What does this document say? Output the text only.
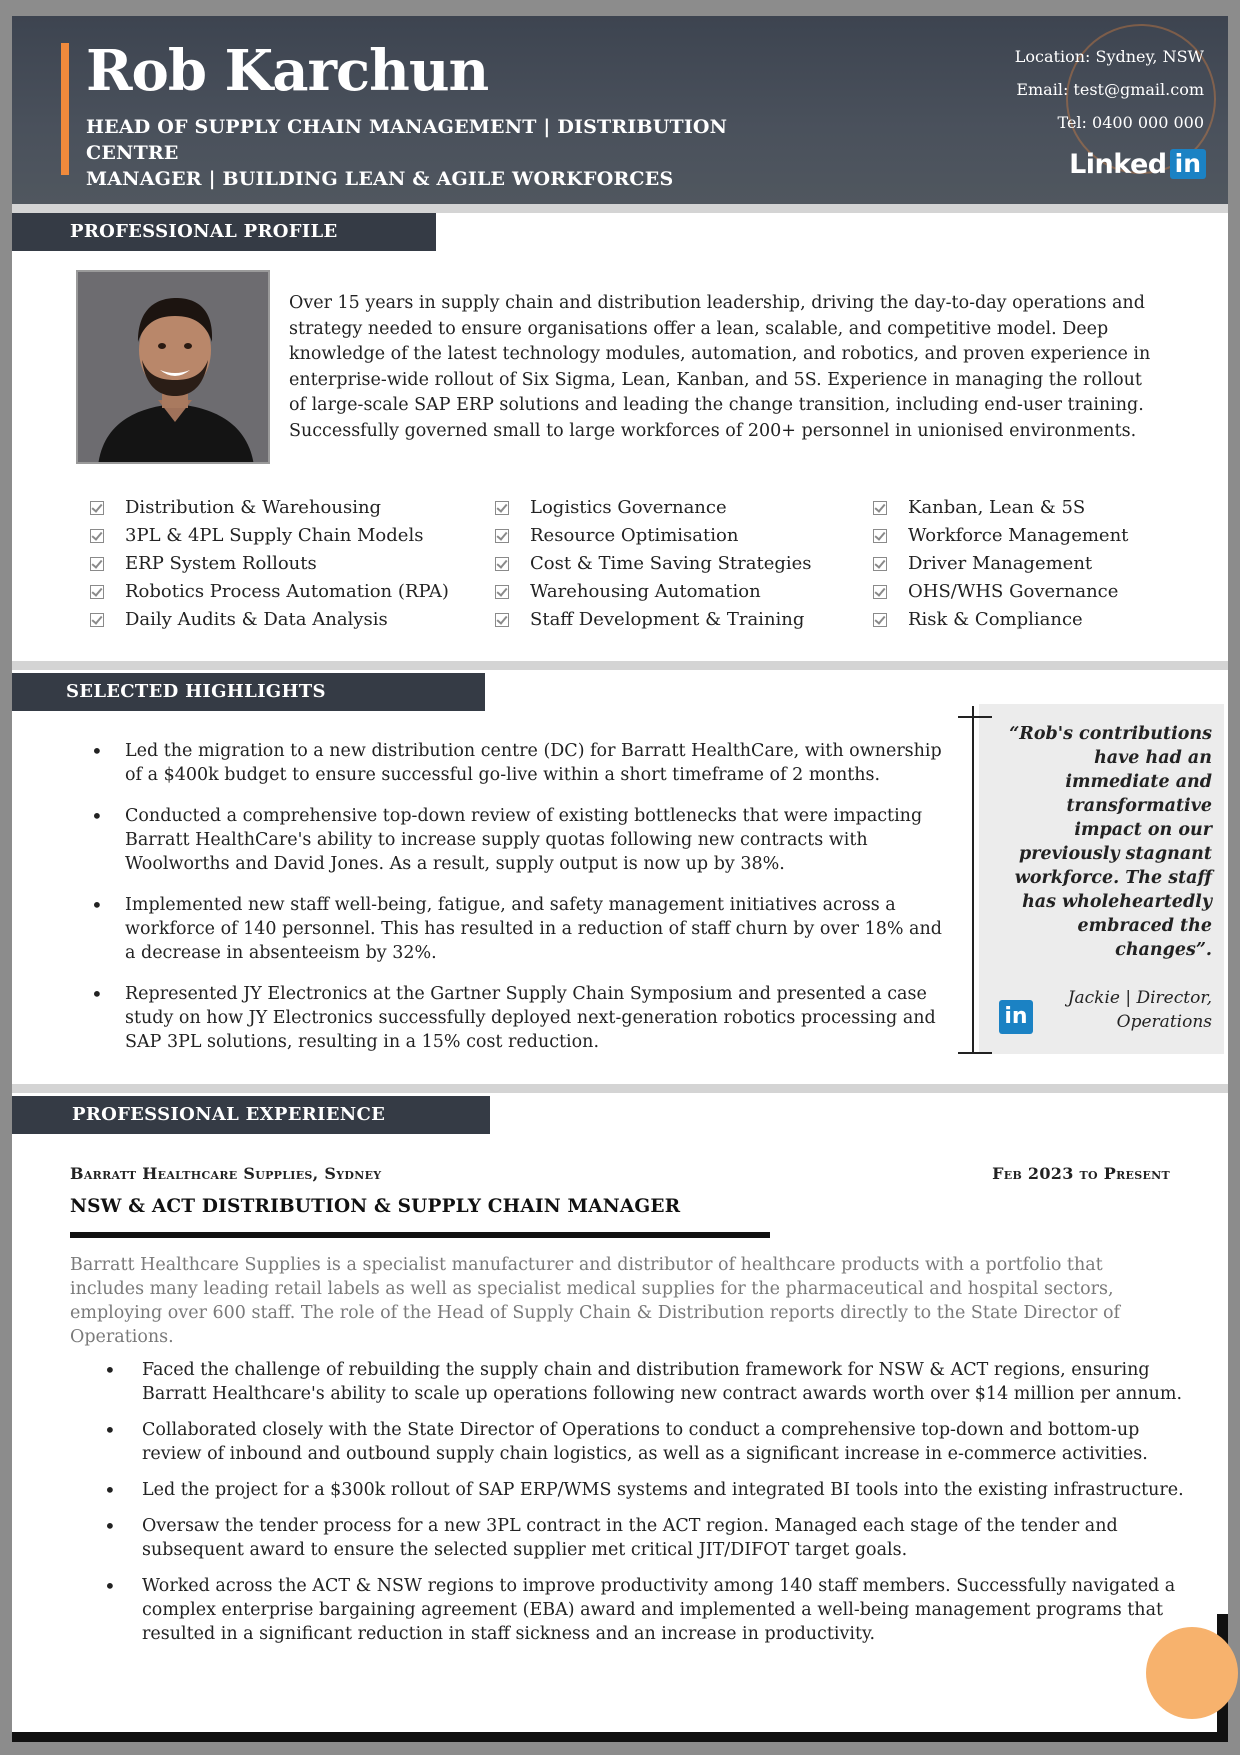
Rob Karchun
HEAD OF SUPPLY CHAIN MANAGEMENT | DISTRIBUTION CENTRE
MANAGER | BUILDING LEAN & AGILE WORKFORCES
Location: Sydney, NSW
Email: test@gmail.com
Tel: 0400 000 000
Linked in
PROFESSIONAL PROFILE
Over 15 years in supply chain and distribution leadership, driving the day-to-day operations and strategy needed to ensure organisations offer a lean, scalable, and competitive model. Deep knowledge of the latest technology modules, automation, and robotics, and proven experience in enterprise-wide rollout of Six Sigma, Lean, Kanban, and 5S. Experience in managing the rollout of large-scale SAP ERP solutions and leading the change transition, including end-user training. Successfully governed small to large workforces of 200+ personnel in unionised environments.
Distribution & Warehousing	Logistics Governance	Kanban, Lean & 5S
3PL & 4PL Supply Chain Models	Resource Optimisation	Workforce Management
ERP System Rollouts	Cost & Time Saving Strategies	Driver Management
Robotics Process Automation (RPA)	Warehousing Automation	OHS/WHS Governance
Daily Audits & Data Analysis	Staff Development & Training	Risk & Compliance
SELECTED HIGHLIGHTS
• Led the migration to a new distribution centre (DC) for Barratt HealthCare, with ownership of a $400k budget to ensure successful go-live within a short timeframe of 2 months.
• Conducted a comprehensive top-down review of existing bottlenecks that were impacting Barratt HealthCare's ability to increase supply quotas following new contracts with Woolworths and David Jones. As a result, supply output is now up by 38%.
• Implemented new staff well-being, fatigue, and safety management initiatives across a workforce of 140 personnel. This has resulted in a reduction of staff churn by over 18% and a decrease in absenteeism by 32%.
• Represented JY Electronics at the Gartner Supply Chain Symposium and presented a case study on how JY Electronics successfully deployed next-generation robotics processing and SAP 3PL solutions, resulting in a 15% cost reduction.
“Rob's contributions have had an immediate and transformative impact on our previously stagnant workforce. The staff has wholeheartedly embraced the changes”.
in
Jackie | Director,
Operations
PROFESSIONAL EXPERIENCE
Barratt Healthcare Supplies, Sydney	Feb 2023 to Present
NSW & ACT DISTRIBUTION & SUPPLY CHAIN MANAGER
Barratt Healthcare Supplies is a specialist manufacturer and distributor of healthcare products with a portfolio that includes many leading retail labels as well as specialist medical supplies for the pharmaceutical and hospital sectors, employing over 600 staff. The role of the Head of Supply Chain & Distribution reports directly to the State Director of Operations.
• Faced the challenge of rebuilding the supply chain and distribution framework for NSW & ACT regions, ensuring Barratt Healthcare's ability to scale up operations following new contract awards worth over $14 million per annum.
• Collaborated closely with the State Director of Operations to conduct a comprehensive top-down and bottom-up review of inbound and outbound supply chain logistics, as well as a significant increase in e-commerce activities.
• Led the project for a $300k rollout of SAP ERP/WMS systems and integrated BI tools into the existing infrastructure.
• Oversaw the tender process for a new 3PL contract in the ACT region. Managed each stage of the tender and subsequent award to ensure the selected supplier met critical JIT/DIFOT target goals.
• Worked across the ACT & NSW regions to improve productivity among 140 staff members. Successfully navigated a complex enterprise bargaining agreement (EBA) award and implemented a well-being management programs that resulted in a significant reduction in staff sickness and an increase in productivity.
